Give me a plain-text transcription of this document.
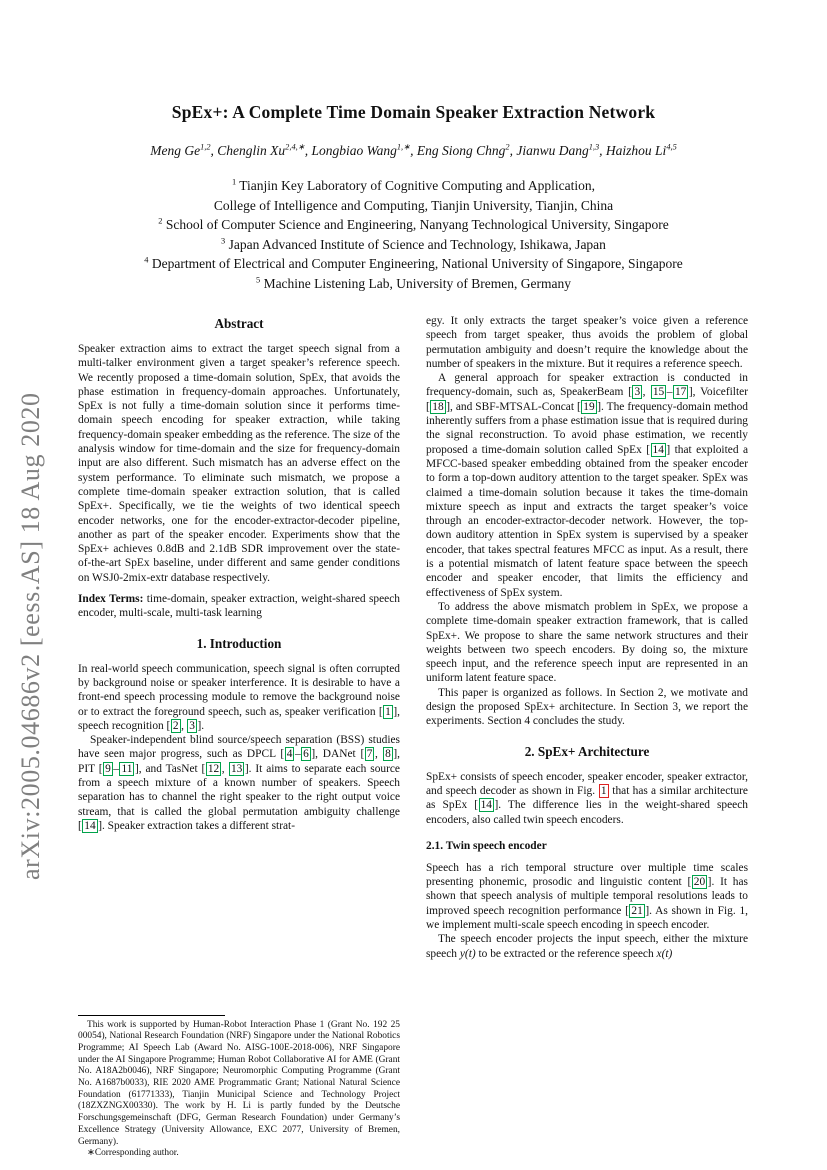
arXiv:2005.04686v2 [eess.AS] 18 Aug 2020
SpEx+: A Complete Time Domain Speaker Extraction Network
Meng Ge$^{1,2}$, Chenglin $Xu^{2,4,∗}$, Longbiao Wang$^{1,∗}$, Eng Siong Chng$^2$, Jianwu Dang$^{1,3}$, Haizhou Li$^{4,5}$
$^1$ Tianjin Key Laboratory of Cognitive Computing and Application,
College of Intelligence and Computing, Tianjin University, Tianjin, China
$^2$ School of Computer Science and Engineering, Nanyang Technological University, Singapore
$^3$ Japan Advanced Institute of Science and Technology, Ishikawa, Japan
$^4$ Department of Electrical and Computer Engineering, National University of Singapore, Singapore
$^5$ Machine Listening Lab, University of Bremen, Germany
Abstract

Speaker extraction aims to extract the target speech signal from a multi-talker environment given a target speaker’s reference speech. We recently proposed a time-domain solution, SpEx, that avoids the phase estimation in frequency-domain approaches. Unfortunately, SpEx is not fully a time-domain solution since it performs time-domain speech encoding for speaker extraction, while taking frequency-domain speaker embedding as the reference. The size of the analysis window for time-domain and the size for frequency-domain input are also different. Such mismatch has an adverse effect on the system performance. To eliminate such mismatch, we propose a complete time-domain speaker extraction solution, that is called SpEx+. Specifically, we tie the weights of two identical speech encoder networks, one for the encoder-extractor-decoder pipeline, another as part of the speaker encoder. Experiments show that the SpEx+ achieves 0.8dB and 2.1dB SDR improvement over the state-of-the-art SpEx baseline, under different and same gender conditions on WSJ0-2mix-extr database respectively.

Index Terms: time-domain, speaker extraction, weight-shared speech encoder, multi-scale, multi-task learning

1. Introduction

In real-world speech communication, speech signal is often corrupted by background noise or speaker interference. It is desirable to have a front-end speech processing module to remove the background noise or to extract the foreground speech, such as, speaker verification [ 1 ], speech recognition [ 2 , 3 ].

Speaker-independent blind source/speech separation (BSS) studies have seen major progress, such as DPCL [ 4 – 6 ], DANet [ 7 , 8 ], PIT [ 9 – 11 ], and TasNet [ 12 , 13 ]. It aims to separate each source from a speech mixture of a known number of speakers. Speech separation has to channel the right speaker to the right output voice stream, that is called the global permutation ambiguity challenge [ 14 ]. Speaker extraction takes a different strat-

This work is supported by Human-Robot Interaction Phase 1 (Grant No. 192 25 00054), National Research Foundation (NRF) Singapore under the National Robotics Programme; AI Speech Lab (Award No. AISG-100E-2018-006), NRF Singapore under the AI Singapore Programme; Human Robot Collaborative AI for AME (Grant No. A18A2b0046), NRF Singapore; Neuromorphic Computing Programme (Grant No. A1687b0033), RIE 2020 AME Programmatic Grant; National Natural Science Foundation (61771333), Tianjin Municipal Science and Technology Project (18ZXZNGX00330). The work by H. Li is partly funded by the Deutsche Forschungsgemeinschaft (DFG, German Research Foundation) under Germany’s Excellence Strategy (University Allowance, EXC 2077, University of Bremen, Germany).

∗Corresponding author.

egy. It only extracts the target speaker’s voice given a reference speech from target speaker, thus avoids the problem of global permutation ambiguity and doesn’t require the knowledge about the number of speakers in the mixture. But it requires a reference speech.

A general approach for speaker extraction is conducted in frequency-domain, such as, SpeakerBeam [ 3 , 15 – 17 ], Voicefilter [ 18 ], and SBF-MTSAL-Concat [ 19 ]. The frequency-domain method inherently suffers from a phase estimation issue that is required during the signal reconstruction. To avoid phase estimation, we recently proposed a time-domain solution called SpEx [ 14 ] that exploited a MFCC-based speaker embedding obtained from the speaker encoder to form a top-down auditory attention to the target speaker. SpEx was claimed a time-domain solution because it takes the time-domain mixture speech as input and extracts the target speaker’s voice through an encoder-extractor-decoder network. However, the top-down auditory attention in SpEx system is supervised by a speaker encoder, that takes spectral features MFCC as input. As a result, there is a potential mismatch of latent feature space between the speech encoder and speaker encoder, that limits the efficiency and effectiveness of SpEx system.

To address the above mismatch problem in SpEx, we propose a complete time-domain speaker extraction framework, that is called SpEx+. We propose to share the same network structures and their weights between two speech encoders. By doing so, the mixture speech input, and the reference speech input are represented in an uniform latent feature space.

This paper is organized as follows. In Section 2, we motivate and design the proposed SpEx+ architecture. In Section 3, we report the experiments. Section 4 concludes the study.

2. SpEx+ Architecture

SpEx+ consists of speech encoder, speaker encoder, speaker extractor, and speech decoder as shown in Fig. 1 that has a similar architecture as SpEx [ 14 ]. The difference lies in the weight-shared speech encoders, also called twin speech encoders.

2.1. Twin speech encoder

Speech has a rich temporal structure over multiple time scales presenting phonemic, prosodic and linguistic content [ 20 ]. It has shown that speech analysis of multiple temporal resolutions leads to improved speech recognition performance [ 21 ]. As shown in Fig. 1, we implement multi-scale speech encoding in speech encoder.

The speech encoder projects the input speech, either the mixture speech y(t) to be extracted or the reference speech x(t)
